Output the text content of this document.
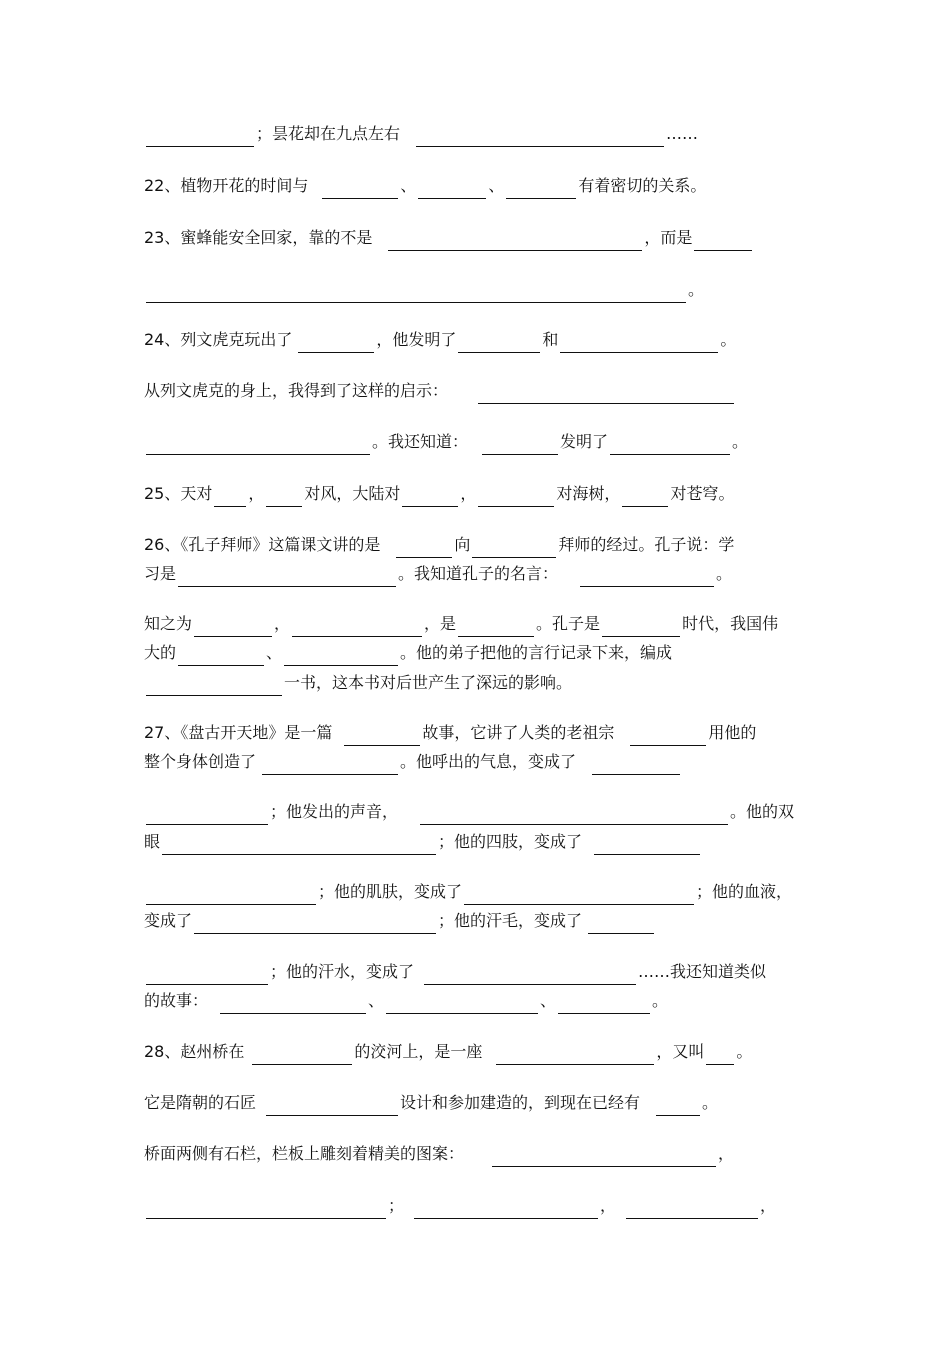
；昙花却在九点左右	……
22、植物开花的时间与	、	、	有着密切的关系。
23、蜜蜂能安全回家，靠的不是	，而是
。
24、列文虎克玩出了	，他发明了	和	。
从列文虎克的身上，我得到了这样的启示：
。我还知道：	发明了	。
25、天对 ，	对风，大陆对	，	对海树，	对苍穹。
26、《孔子拜师》这篇课文讲的是	向	拜师的经过。孔子说：学
习是	。我知道孔子的名言：	。
知之为	，	，是	。孔子是	时代，我国伟
大的	、	。他的弟子把他的言行记录下来，编成
一书，这本书对后世产生了深远的影响。
27、《盘古开天地》是一篇	故事，它讲了人类的老祖宗	用他的
整个身体创造了	。他呼出的气息，变成了
；他发出的声音，	。他的双
眼	；他的四肢，变成了
；他的肌肤，变成了	；他的血液，
变成了	；他的汗毛，变成了
；他的汗水，变成了	……我还知道类似
的故事：	、	、	。
28、赵州桥在	的洨河上，是一座	，又叫 。
它是隋朝的石匠	设计和参加建造的，到现在已经有	。
桥面两侧有石栏，栏板上雕刻着精美的图案：	，
；	，	，
